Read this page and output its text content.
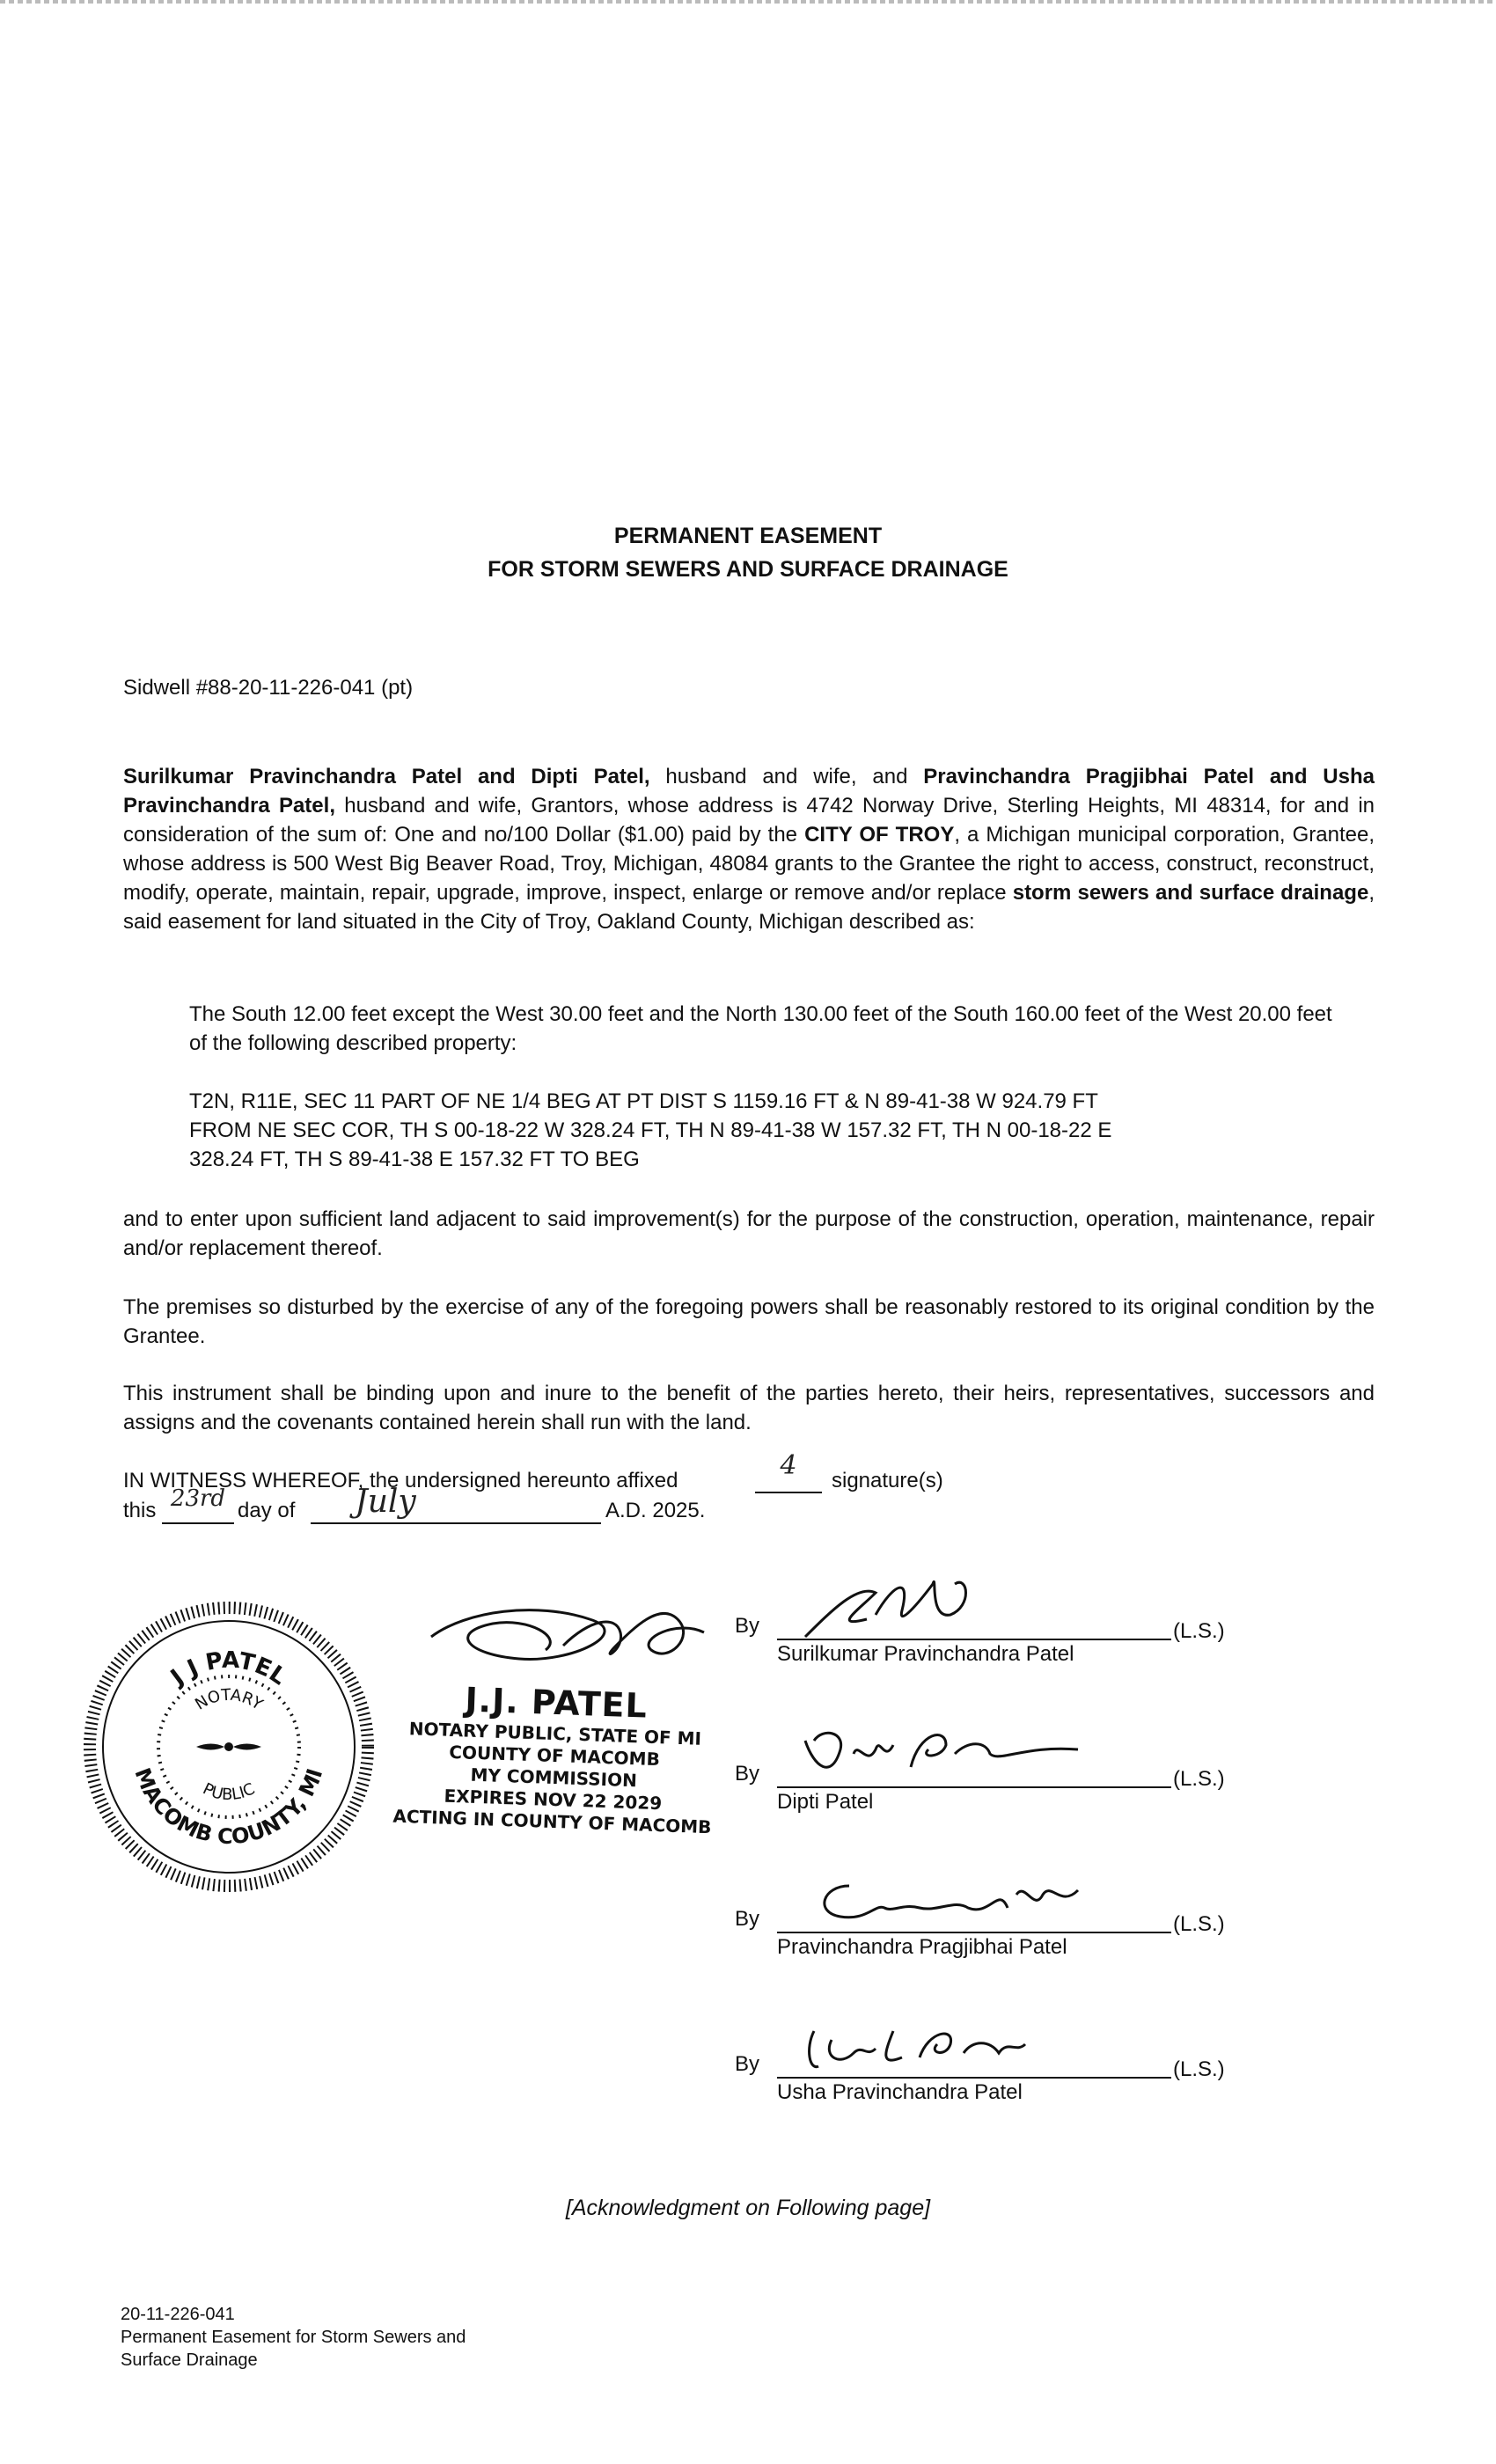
PERMANENT EASEMENT
FOR STORM SEWERS AND SURFACE DRAINAGE
Sidwell #88-20-11-226-041 (pt)
Surilkumar Pravinchandra Patel and Dipti Patel, husband and wife, and Pravinchandra Pragjibhai Patel and Usha Pravinchandra Patel, husband and wife, Grantors, whose address is 4742 Norway Drive, Sterling Heights, MI 48314, for and in consideration of the sum of: One and no/100 Dollar ($1.00) paid by the CITY OF TROY, a Michigan municipal corporation, Grantee, whose address is 500 West Big Beaver Road, Troy, Michigan, 48084 grants to the Grantee the right to access, construct, reconstruct, modify, operate, maintain, repair, upgrade, improve, inspect, enlarge or remove and/or replace storm sewers and surface drainage, said easement for land situated in the City of Troy, Oakland County, Michigan described as:
The South 12.00 feet except the West 30.00 feet and the North 130.00 feet of the South 160.00 feet of the West 20.00 feet of the following described property:
T2N, R11E, SEC 11 PART OF NE 1/4 BEG AT PT DIST S 1159.16 FT & N 89-41-38 W 924.79 FT
FROM NE SEC COR, TH S 00-18-22 W 328.24 FT, TH N 89-41-38 W 157.32 FT, TH N 00-18-22 E
328.24 FT, TH S 89-41-38 E 157.32 FT TO BEG
and to enter upon sufficient land adjacent to said improvement(s) for the purpose of the construction, operation, maintenance, repair and/or replacement thereof.
The premises so disturbed by the exercise of any of the foregoing powers shall be reasonably restored to its original condition by the Grantee.
This instrument shall be binding upon and inure to the benefit of the parties hereto, their heirs, representatives, successors and assigns and the covenants contained herein shall run with the land.
IN WITNESS WHEREOF, the undersigned hereunto affixed	4	signature(s)
this 23rd day of	July	A.D. 2025.
J J PATEL
MACOMB COUNTY, MI
NOTARY
PUBLIC
J.J. PATEL
NOTARY PUBLIC, STATE OF MI
COUNTY OF MACOMB
MY COMMISSION
EXPIRES NOV 22 2029
ACTING IN COUNTY OF MACOMB
By	(L.S.)
Surilkumar Pravinchandra Patel
By	(L.S.)
Dipti Patel
By	(L.S.)
Pravinchandra Pragjibhai Patel
By	(L.S.)
Usha Pravinchandra Patel
[Acknowledgment on Following page]
20-11-226-041
Permanent Easement for Storm Sewers and
Surface Drainage
